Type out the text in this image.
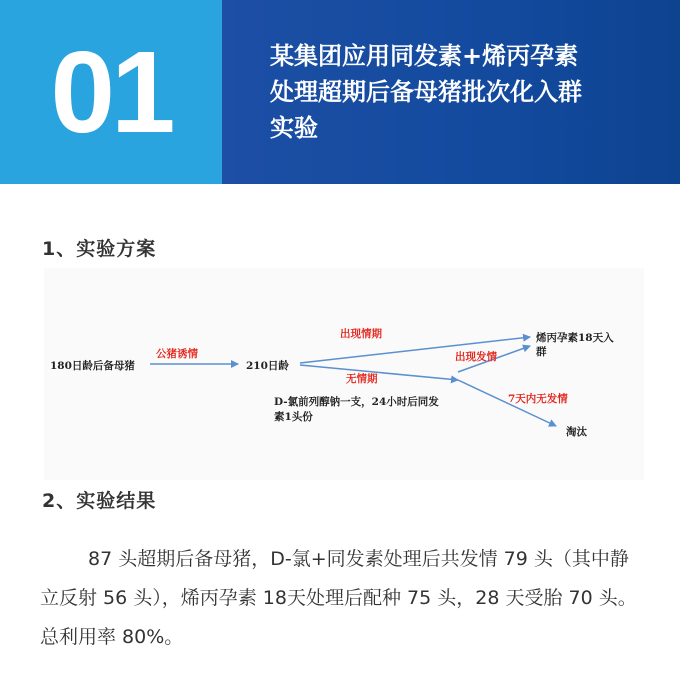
01	某集团应用同发素+烯丙孕素
处理超期后备母猪批次化入群
实验
1、实验方案
180日龄后备母猪
公猪诱情
210日龄
出现情期
无情期
D-氯前列醇钠一支，24小时后同发
素1头份
出现发情
烯丙孕素18天入
群
7天内无发情
淘汰
2、实验结果
87 头超期后备母猪，D-氯+同发素处理后共发情 79 头（其中静立反射 56 头），烯丙孕素 18天处理后配种 75 头，28 天受胎 70 头。总利用率 80%。
